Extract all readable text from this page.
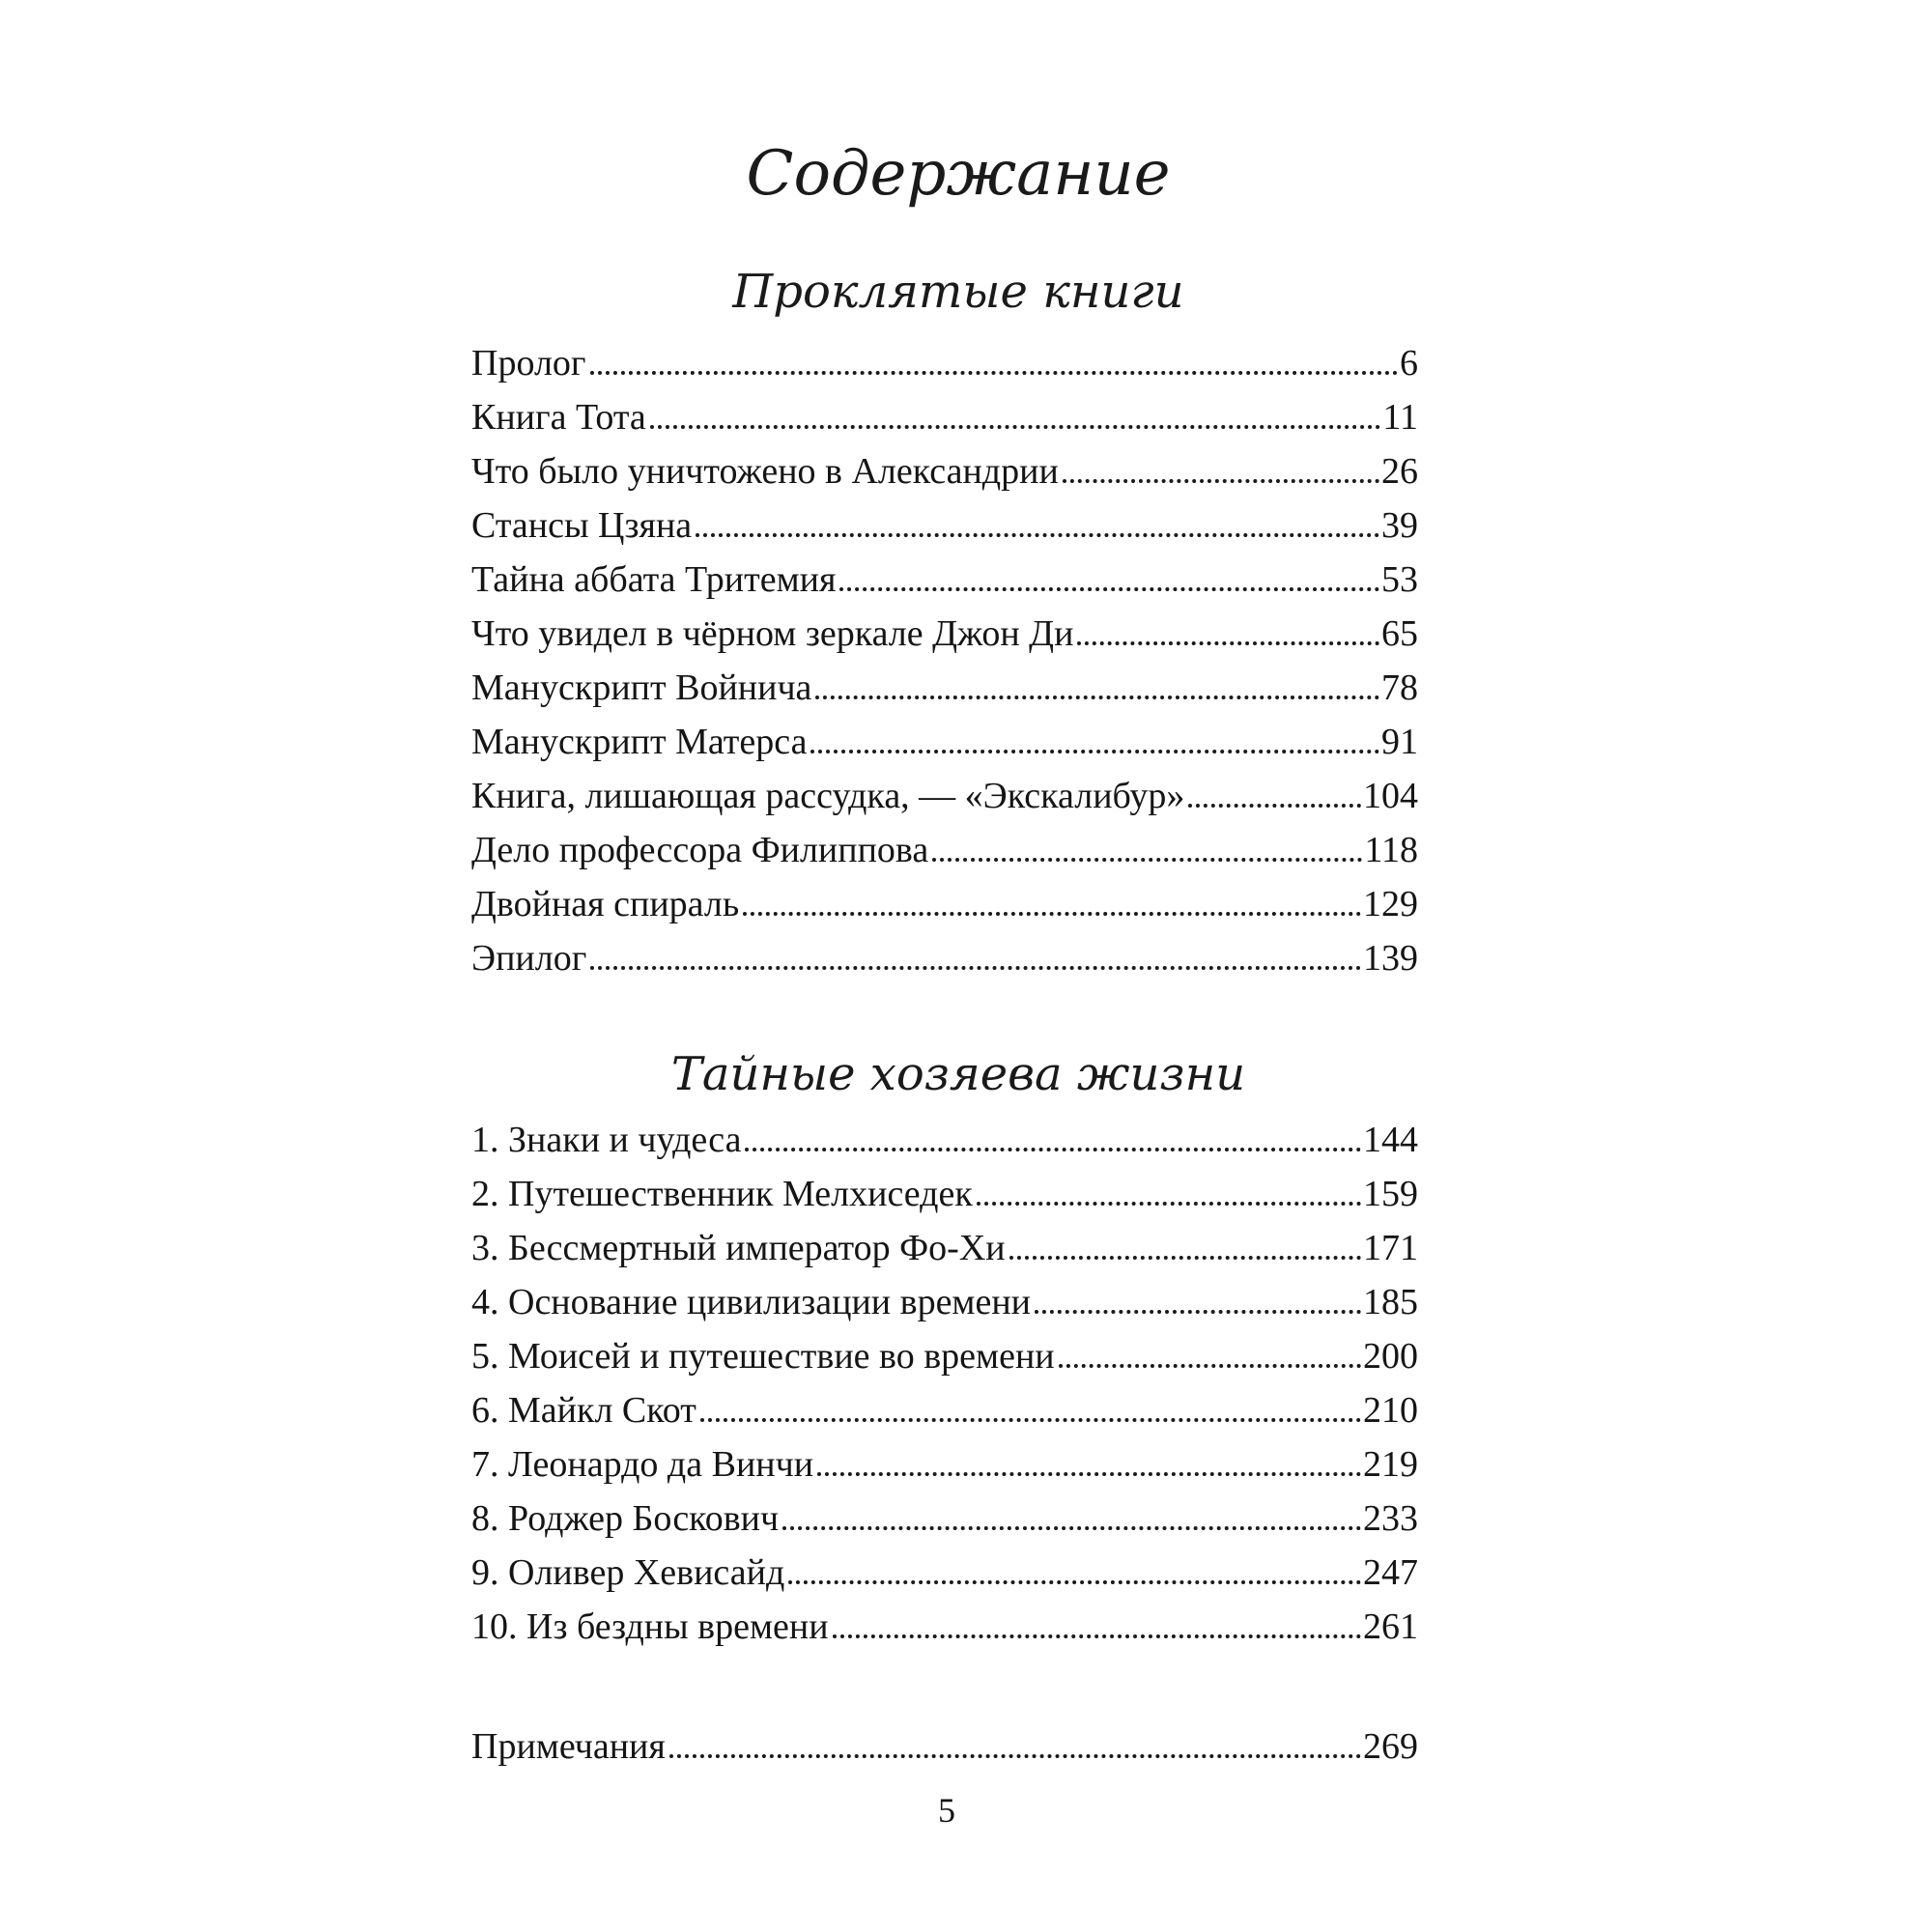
Содержание
Проклятые книги
Пролог	6
Книга Тота	11
Что было уничтожено в Александрии	26
Стансы Цзяна	39
Тайна аббата Тритемия	53
Что увидел в чёрном зеркале Джон Ди	65
Манускрипт Войнича	78
Манускрипт Матерса	91
Книга, лишающая рассудка, — «Экскалибур»	104
Дело профессора Филиппова	118
Двойная спираль	129
Эпилог	139
Тайные хозяева жизни
1. Знаки и чудеса	144
2. Путешественник Мелхиседек	159
3. Бессмертный император Фо-Хи	171
4. Основание цивилизации времени	185
5. Моисей и путешествие во времени	200
6. Майкл Скот	210
7. Леонардо да Винчи	219
8. Роджер Боскович	233
9. Оливер Хевисайд	247
10. Из бездны времени	261
Примечания	269
5
